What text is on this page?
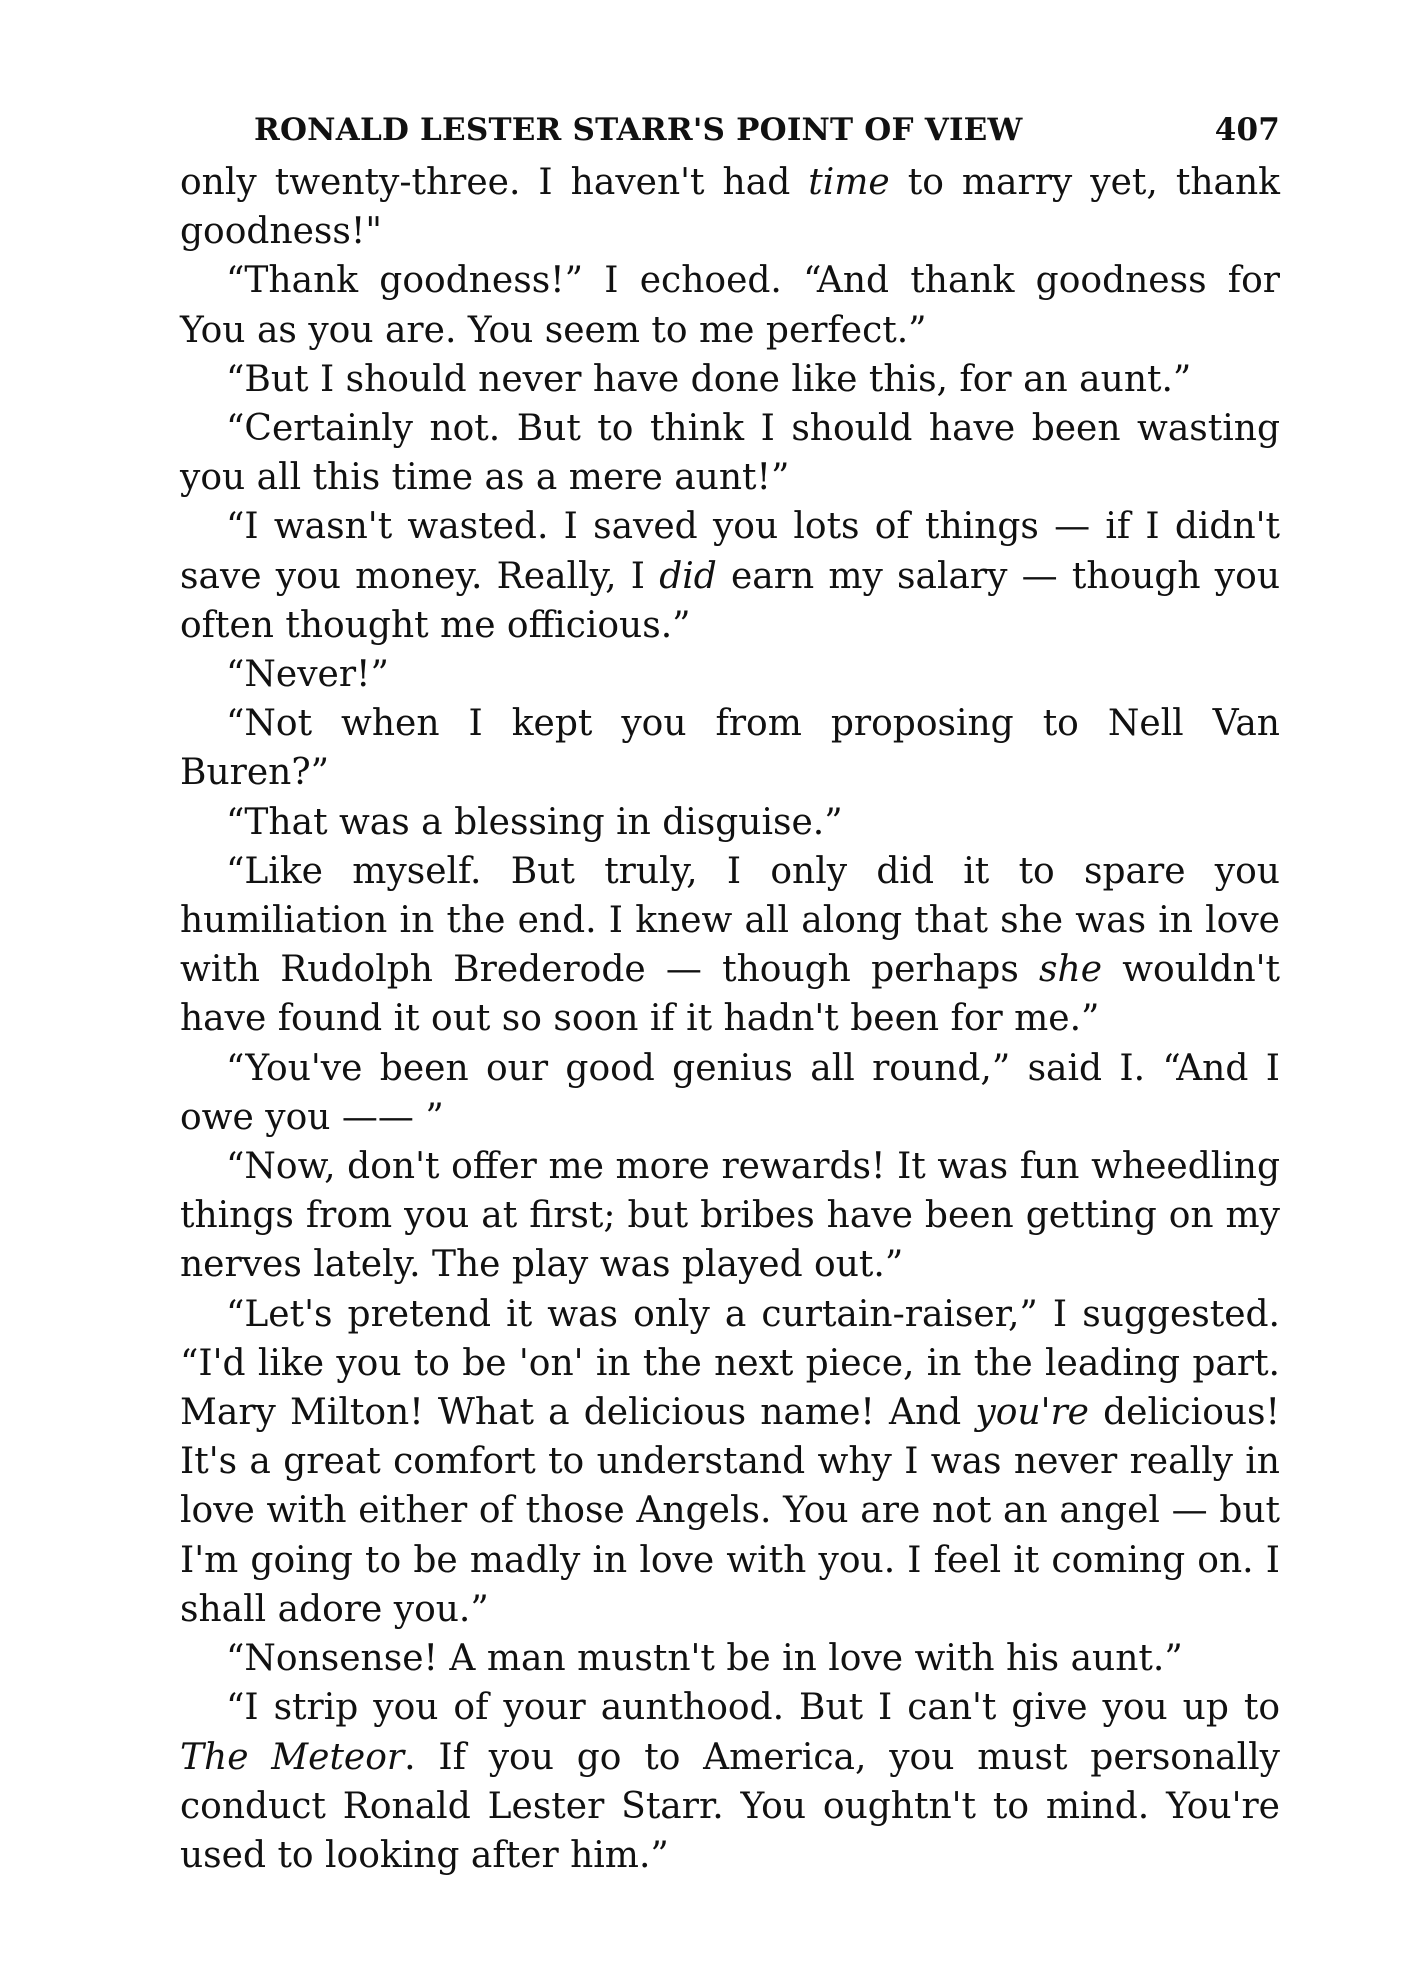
RONALD LESTER STARR'S POINT OF VIEW	407

only twenty-three. I haven't had time to marry yet, thank goodness!"

“Thank goodness!” I echoed. “And thank goodness for You as you are. You seem to me perfect.”

“But I should never have done like this, for an aunt.”

“Certainly not. But to think I should have been wasting you all this time as a mere aunt!”

“I wasn't wasted. I saved you lots of things — if I didn't save you money. Really, I did earn my salary — though you often thought me officious.”

“Never!”

“Not when I kept you from proposing to Nell Van Buren?”

“That was a blessing in disguise.”

“Like myself. But truly, I only did it to spare you humiliation in the end. I knew all along that she was in love with Rudolph Brederode — though perhaps she wouldn't have found it out so soon if it hadn't been for me.”

“You've been our good genius all round,” said I. “And I owe you —— ”

“Now, don't offer me more rewards! It was fun wheedling things from you at first; but bribes have been getting on my nerves lately. The play was played out.”

“Let's pretend it was only a curtain-raiser,” I suggested. “I'd like you to be 'on' in the next piece, in the leading part. Mary Milton! What a delicious name! And you're delicious! It's a great comfort to understand why I was never really in love with either of those Angels. You are not an angel — but I'm going to be madly in love with you. I feel it coming on. I shall adore you.”

“Nonsense! A man mustn't be in love with his aunt.”

“I strip you of your aunthood. But I can't give you up to The Meteor. If you go to America, you must personally conduct Ronald Lester Starr. You oughtn't to mind. You're used to looking after him.”
